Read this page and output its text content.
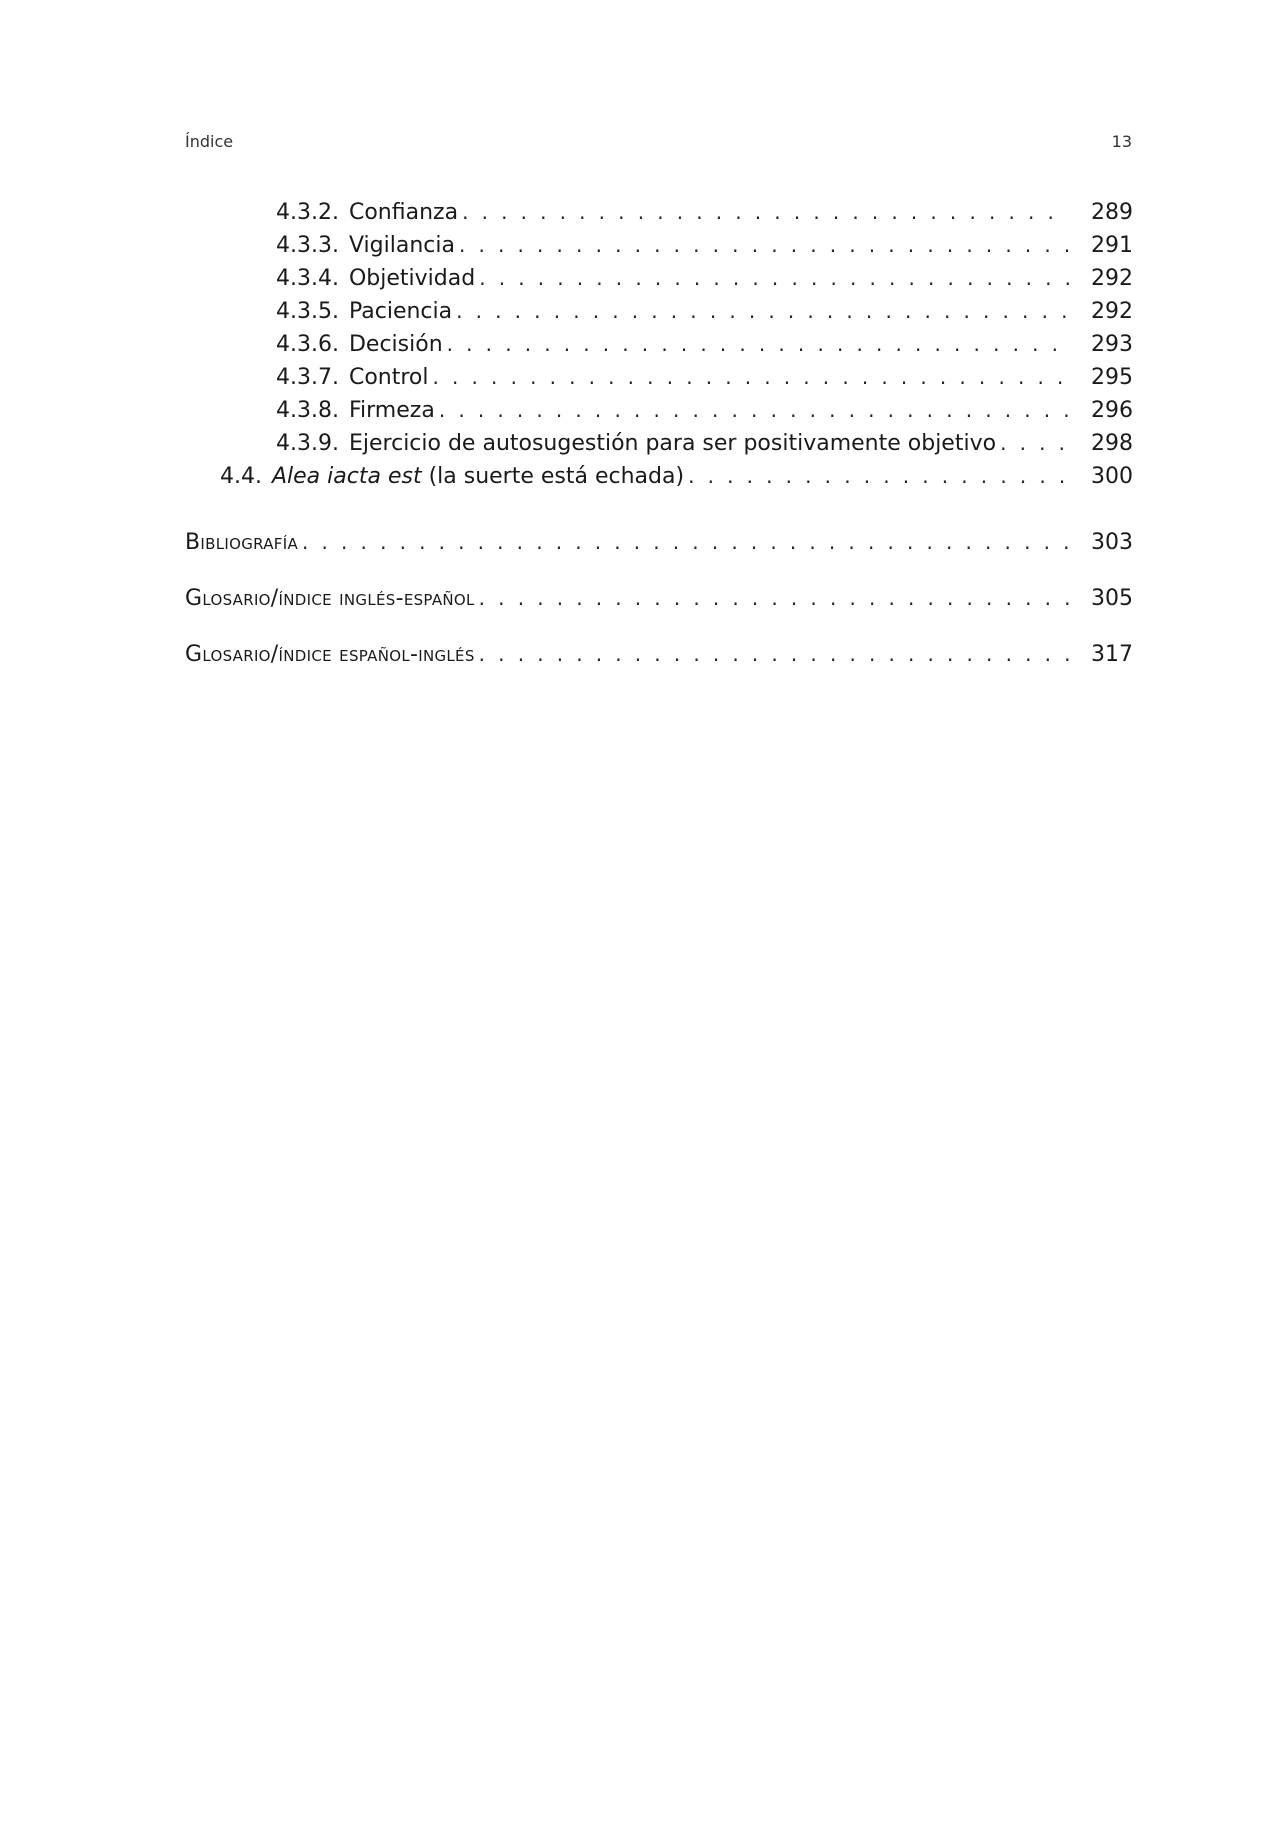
Índice	13
4.3.2. Confianza . . .	289
4.3.3. Vigilancia . . .	291
4.3.4. Objetividad . . .	292
4.3.5. Paciencia . . .	292
4.3.6. Decisión . . .	293
4.3.7. Control . . .	295
4.3.8. Firmeza . . .	296
4.3.9. Ejercicio de autosugestión para ser positivamente objetivo . . .	298
4.4. Alea iacta est (la suerte está echada) . . .	300
Bibliografía . . .	303
Glosario/índice inglés-español . . .	305
Glosario/índice español-inglés . . .	317
